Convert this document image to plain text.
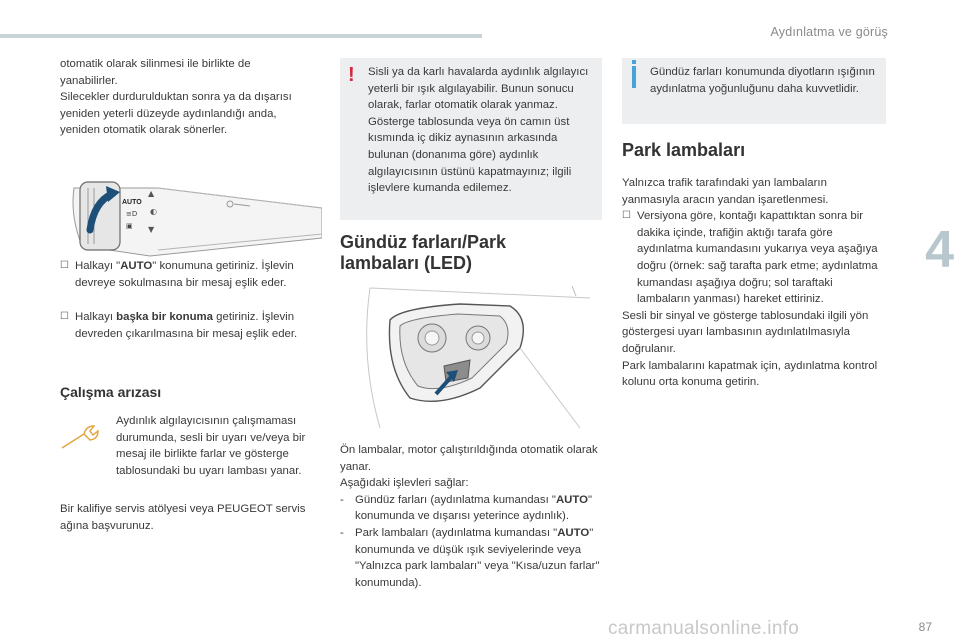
Aydınlatma ve görüş
4

otomatik olarak silinmesi ile birlikte de

yanabilirler.

Silecekler durdurulduktan sonra ya da dışarısı

yeniden yeterli düzeyde aydınlandığı anda,

yeniden otomatik olarak sönerler.

AUTO
≡D
▣
▲
◐
▼
☐ Halkayı "AUTO" konumuna getiriniz. İşlevin devreye sokulmasına bir mesaj eşlik eder.

☐ Halkayı başka bir konuma getiriniz. İşlevin devreden çıkarılmasına bir mesaj eşlik eder.

Çalışma arızası

Aydınlık algılayıcısının çalışmaması durumunda, sesli bir uyarı ve/veya bir mesaj ile birlikte farlar ve gösterge tablosundaki bu uyarı lambası yanar.

Bir kalifiye servis atölyesi veya PEUGEOT servis ağına başvurunuz.

! Sisli ya da karlı havalarda aydınlık algılayıcı yeterli bir ışık algılayabilir. Bunun sonucu olarak, farlar otomatik olarak yanmaz. Gösterge tablosunda veya ön camın üst kısmında iç dikiz aynasının arkasında bulunan (donanıma göre) aydınlık algılayıcısının üstünü kapatmayınız; ilgili işlevlere kumanda edilemez.

Gündüz farları/Park
lambaları (LED)

Ön lambalar, motor çalıştırıldığında otomatik olarak yanar.

Aşağıdaki işlevleri sağlar:

- Gündüz farları (aydınlatma kumandası "AUTO" konumunda ve dışarısı yeterince aydınlık).

- Park lambaları (aydınlatma kumandası "AUTO" konumunda ve düşük ışık seviyelerinde veya "Yalnızca park lambaları" veya "Kısa/uzun farlar" konumunda).

Gündüz farları konumunda diyotların ışığının aydınlatma yoğunluğunu daha kuvvetlidir.

Park lambaları

Yalnızca trafik tarafındaki yan lambaların yanmasıyla aracın yandan işaretlenmesi.

☐ Versiyona göre, kontağı kapattıktan sonra bir dakika içinde, trafiğin aktığı tarafa göre aydınlatma kumandasını yukarıya veya aşağıya doğru (örnek: sağ tarafta park etme; aydınlatma kumandası aşağıya doğru; sol taraftaki lambaların yanması) hareket ettiriniz.

Sesli bir sinyal ve gösterge tablosundaki ilgili yön göstergesi uyarı lambasının aydınlatılmasıyla doğrulanır.

Park lambalarını kapatmak için, aydınlatma kontrol kolunu orta konuma getirin.

carmanualsonline.info	87
